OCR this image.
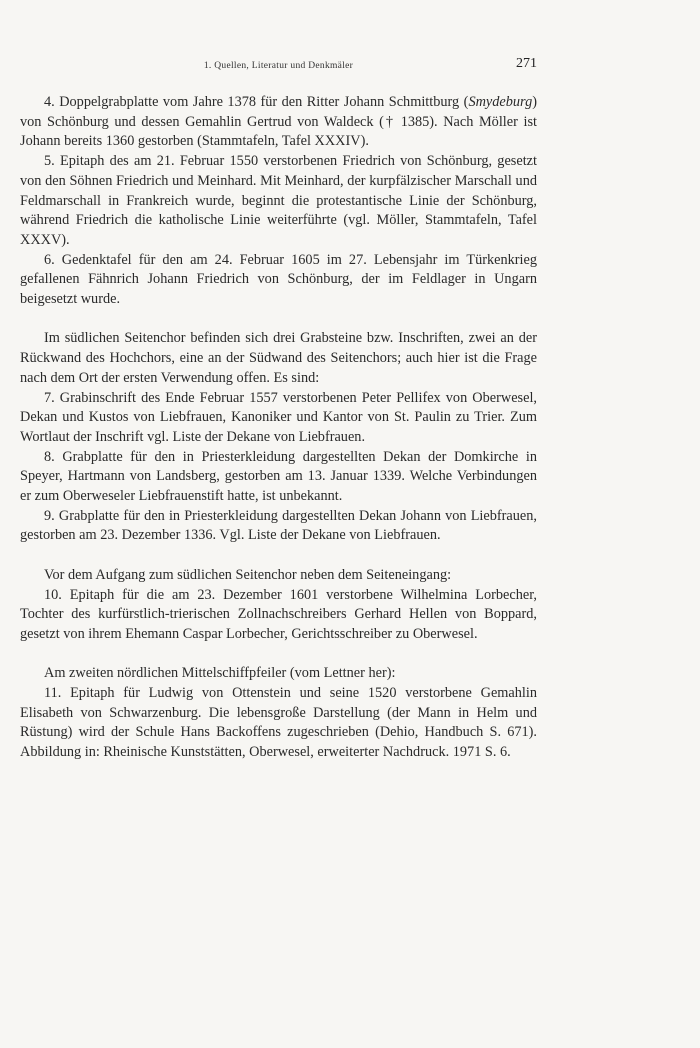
1. Quellen, Literatur und Denkmäler	271

4. Doppelgrabplatte vom Jahre 1378 für den Ritter Johann Schmittburg (Smydeburg) von Schönburg und dessen Gemahlin Gertrud von Waldeck († 1385). Nach Möller ist Johann bereits 1360 gestorben (Stammtafeln, Tafel XXXIV).

5. Epitaph des am 21. Februar 1550 verstorbenen Friedrich von Schönburg, gesetzt von den Söhnen Friedrich und Meinhard. Mit Meinhard, der kurpfälzischer Marschall und Feldmarschall in Frankreich wurde, beginnt die protestantische Linie der Schönburg, während Friedrich die katholische Linie weiterführte (vgl. Möller, Stammtafeln, Tafel XXXV).

6. Gedenktafel für den am 24. Februar 1605 im 27. Lebensjahr im Türkenkrieg gefallenen Fähnrich Johann Friedrich von Schönburg, der im Feldlager in Ungarn beigesetzt wurde.

Im südlichen Seitenchor befinden sich drei Grabsteine bzw. Inschriften, zwei an der Rückwand des Hochchors, eine an der Südwand des Seitenchors; auch hier ist die Frage nach dem Ort der ersten Verwendung offen. Es sind:

7. Grabinschrift des Ende Februar 1557 verstorbenen Peter Pellifex von Oberwesel, Dekan und Kustos von Liebfrauen, Kanoniker und Kantor von St. Paulin zu Trier. Zum Wortlaut der Inschrift vgl. Liste der Dekane von Liebfrauen.

8. Grabplatte für den in Priesterkleidung dargestellten Dekan der Domkirche in Speyer, Hartmann von Landsberg, gestorben am 13. Januar 1339. Welche Verbindungen er zum Oberweseler Liebfrauenstift hatte, ist unbekannt.

9. Grabplatte für den in Priesterkleidung dargestellten Dekan Johann von Liebfrauen, gestorben am 23. Dezember 1336. Vgl. Liste der Dekane von Liebfrauen.

Vor dem Aufgang zum südlichen Seitenchor neben dem Seiteneingang:

10. Epitaph für die am 23. Dezember 1601 verstorbene Wilhelmina Lorbecher, Tochter des kurfürstlich-trierischen Zollnachschreibers Gerhard Hellen von Boppard, gesetzt von ihrem Ehemann Caspar Lorbecher, Gerichtsschreiber zu Oberwesel.

Am zweiten nördlichen Mittelschiffpfeiler (vom Lettner her):

11. Epitaph für Ludwig von Ottenstein und seine 1520 verstorbene Gemahlin Elisabeth von Schwarzenburg. Die lebensgroße Darstellung (der Mann in Helm und Rüstung) wird der Schule Hans Backoffens zugeschrieben (Dehio, Handbuch S. 671). Abbildung in: Rheinische Kunststätten, Oberwesel, erweiterter Nachdruck. 1971 S. 6.
